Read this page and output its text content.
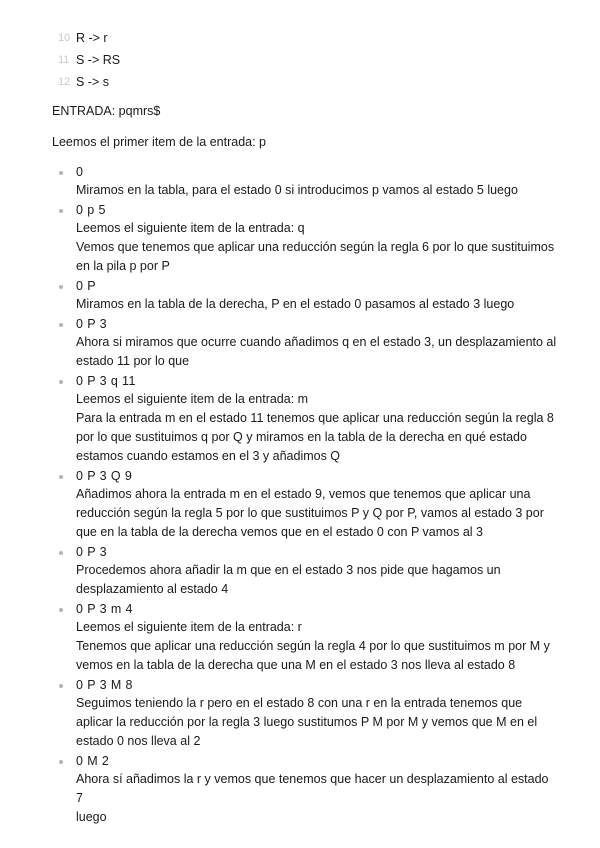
10 R -> r
11 S -> RS
12 S -> s
ENTRADA: pqmrs$
Leemos el primer item de la entrada: p
0
Miramos en la tabla, para el estado 0 si introducimos p vamos al estado 5 luego
0 p 5
Leemos el siguiente item de la entrada: q
Vemos que tenemos que aplicar una reducción según la regla 6 por lo que sustituimos
en la pila p por P
0 P
Miramos en la tabla de la derecha, P en el estado 0 pasamos al estado 3 luego
0 P 3
Ahora si miramos que ocurre cuando añadimos q en el estado 3, un desplazamiento al
estado 11 por lo que
0 P 3 q 11
Leemos el siguiente item de la entrada: m
Para la entrada m en el estado 11 tenemos que aplicar una reducción según la regla 8
por lo que sustituimos q por Q y miramos en la tabla de la derecha en qué estado
estamos cuando estamos en el 3 y añadimos Q
0 P 3 Q 9
Añadimos ahora la entrada m en el estado 9, vemos que tenemos que aplicar una
reducción según la regla 5 por lo que sustituimos P y Q por P, vamos al estado 3 por
que en la tabla de la derecha vemos que en el estado 0 con P vamos al 3
0 P 3
Procedemos ahora añadir la m que en el estado 3 nos pide que hagamos un
desplazamiento al estado 4
0 P 3 m 4
Leemos el siguiente item de la entrada: r
Tenemos que aplicar una reducción según la regla 4 por lo que sustituimos m por M y
vemos en la tabla de la derecha que una M en el estado 3 nos lleva al estado 8
0 P 3 M 8
Seguimos teniendo la r pero en el estado 8 con una r en la entrada tenemos que
aplicar la reducción por la regla 3 luego sustitumos P M por M y vemos que M en el
estado 0 nos lleva al 2
0 M 2
Ahora sí añadimos la r y vemos que tenemos que hacer un desplazamiento al estado 7
luego
